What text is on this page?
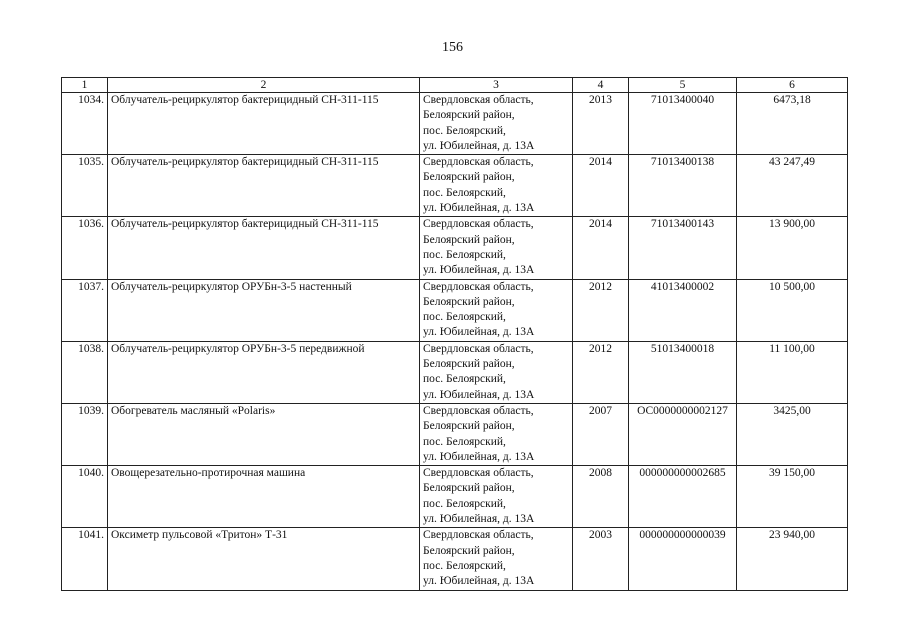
156
1	2	3	4	5	6
1034.	Облучатель-рециркулятор бактерицидный СН-311-115	Свердловская область,
Белоярский район,
пос. Белоярский,
ул. Юбилейная, д. 13А	2013	71013400040	6473,18
1035.	Облучатель-рециркулятор бактерицидный СН-311-115	Свердловская область,
Белоярский район,
пос. Белоярский,
ул. Юбилейная, д. 13А	2014	71013400138	43 247,49
1036.	Облучатель-рециркулятор бактерицидный СН-311-115	Свердловская область,
Белоярский район,
пос. Белоярский,
ул. Юбилейная, д. 13А	2014	71013400143	13 900,00
1037.	Облучатель-рециркулятор ОРУБн-3-5 настенный	Свердловская область,
Белоярский район,
пос. Белоярский,
ул. Юбилейная, д. 13А	2012	41013400002	10 500,00
1038.	Облучатель-рециркулятор ОРУБн-3-5 передвижной	Свердловская область,
Белоярский район,
пос. Белоярский,
ул. Юбилейная, д. 13А	2012	51013400018	11 100,00
1039.	Обогреватель масляный «Polaris»	Свердловская область,
Белоярский район,
пос. Белоярский,
ул. Юбилейная, д. 13А	2007	ОС0000000002127	3425,00
1040.	Овощерезательно-протирочная машина	Свердловская область,
Белоярский район,
пос. Белоярский,
ул. Юбилейная, д. 13А	2008	000000000002685	39 150,00
1041.	Оксиметр пульсовой «Тритон» Т-31	Свердловская область,
Белоярский район,
пос. Белоярский,
ул. Юбилейная, д. 13А	2003	000000000000039	23 940,00
